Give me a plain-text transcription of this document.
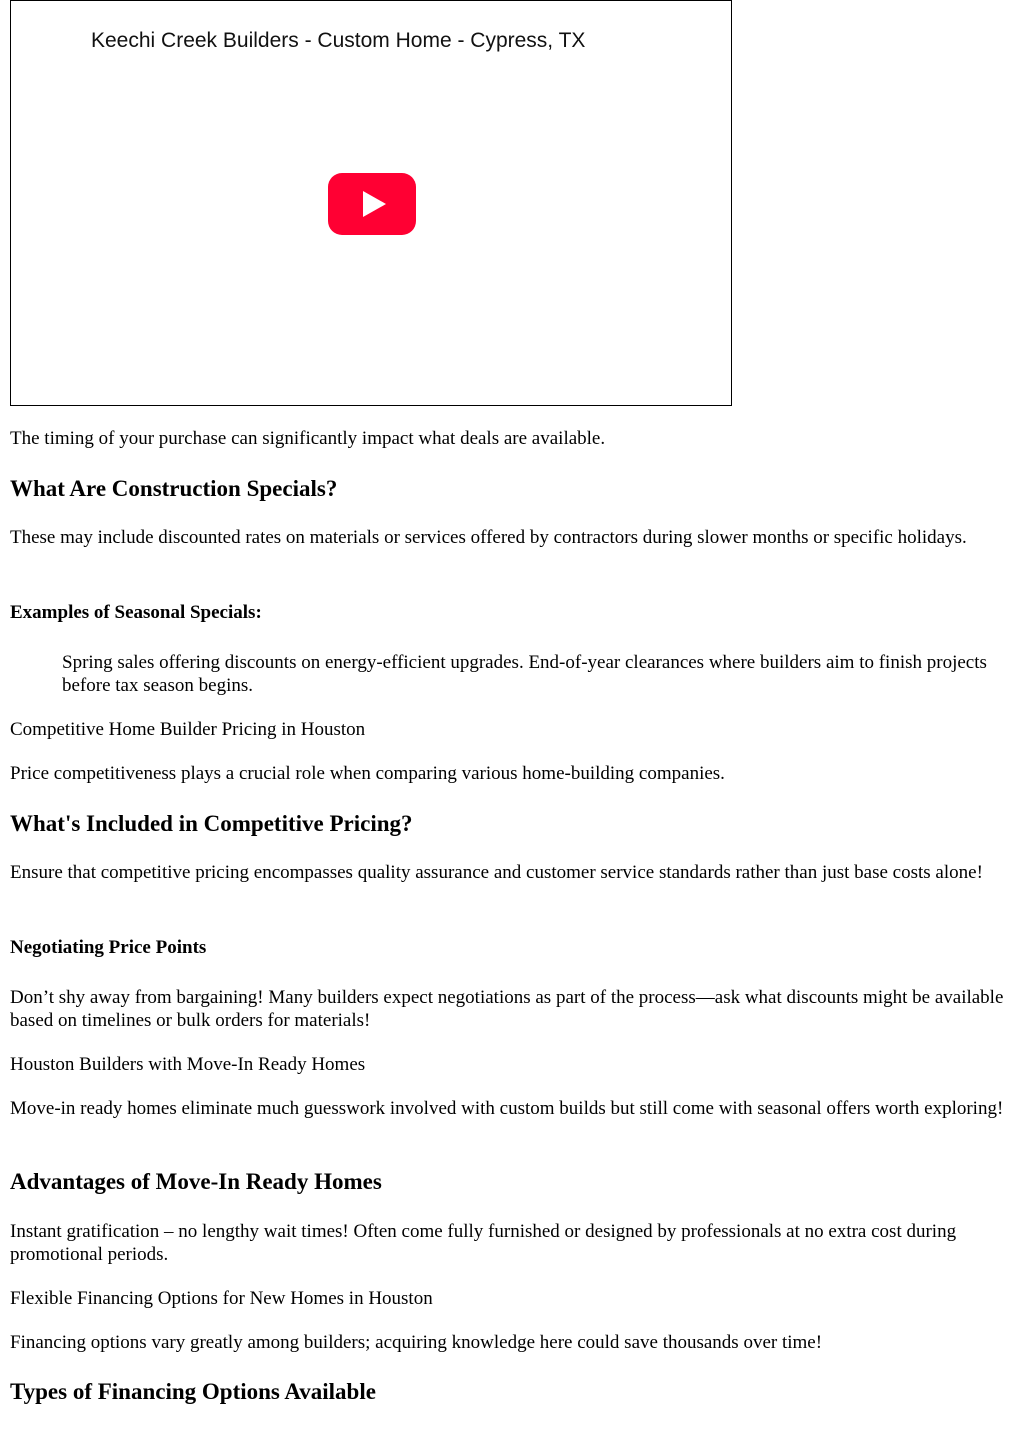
Keechi Creek Builders - Custom Home - Cypress, TX

The timing of your purchase can significantly impact what deals are available.

What Are Construction Specials?

These may include discounted rates on materials or services offered by contractors during slower months or specific holidays.

Examples of Seasonal Specials:

Spring sales offering discounts on energy-efficient upgrades. End-of-year clearances where builders aim to finish projects before tax season begins.

Competitive Home Builder Pricing in Houston

Price competitiveness plays a crucial role when comparing various home-building companies.

What's Included in Competitive Pricing?

Ensure that competitive pricing encompasses quality assurance and customer service standards rather than just base costs alone!

Negotiating Price Points

Don’t shy away from bargaining! Many builders expect negotiations as part of the process—ask what discounts might be available based on timelines or bulk orders for materials!

Houston Builders with Move-In Ready Homes

Move-in ready homes eliminate much guesswork involved with custom builds but still come with seasonal offers worth exploring!

Advantages of Move-In Ready Homes

Instant gratification – no lengthy wait times! Often come fully furnished or designed by professionals at no extra cost during promotional periods.

Flexible Financing Options for New Homes in Houston

Financing options vary greatly among builders; acquiring knowledge here could save thousands over time!

Types of Financing Options Available
